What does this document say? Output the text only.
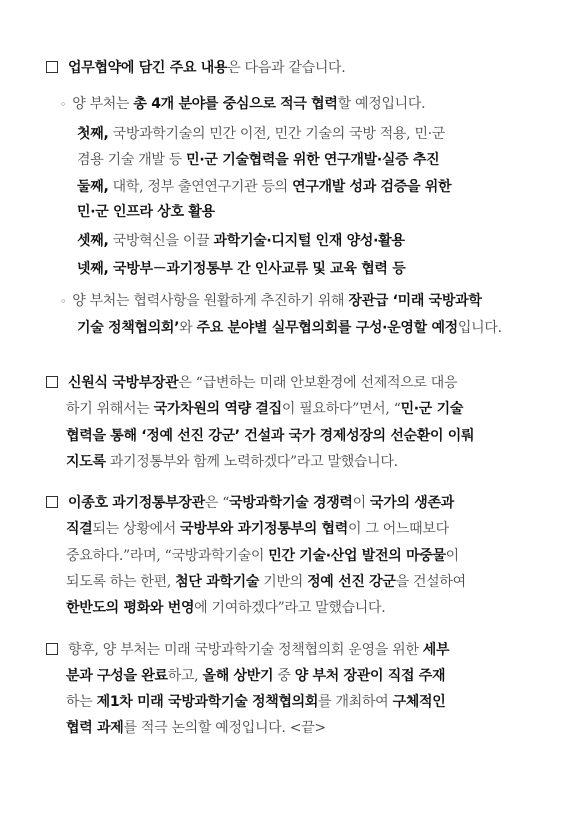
업무협약에 담긴 주요 내용은 다음과 같습니다.
◦ 양 부처는 총 4개 분야를 중심으로 적극 협력할 예정입니다.
첫째, 국방과학기술의 민간 이전, 민간 기술의 국방 적용, 민·군
겸용 기술 개발 등 민·군 기술협력을 위한 연구개발·실증 추진
둘째, 대학, 정부 출연연구기관 등의 연구개발 성과 검증을 위한
민·군 인프라 상호 활용
셋째, 국방혁신을 이끌 과학기술·디지털 인재 양성·활용
넷째, 국방부－과기정통부 간 인사교류 및 교육 협력 등
◦ 양 부처는 협력사항을 원활하게 추진하기 위해 장관급 ‘미래 국방과학
기술 정책협의회’와 주요 분야별 실무협의회를 구성·운영할 예정입니다.
신원식 국방부장관은 “급변하는 미래 안보환경에 선제적으로 대응
하기 위해서는 국가차원의 역량 결집이 필요하다”면서, “민·군 기술
협력을 통해 ‘정예 선진 강군’ 건설과 국가 경제성장의 선순환이 이뤄
지도록 과기정통부와 함께 노력하겠다”라고 말했습니다.
이종호 과기정통부장관은 “국방과학기술 경쟁력이 국가의 생존과
직결되는 상황에서 국방부와 과기정통부의 협력이 그 어느때보다
중요하다.”라며, “국방과학기술이 민간 기술·산업 발전의 마중물이
되도록 하는 한편, 첨단 과학기술 기반의 정예 선진 강군을 건설하여
한반도의 평화와 번영에 기여하겠다”라고 말했습니다.
향후, 양 부처는 미래 국방과학기술 정책협의회 운영을 위한 세부
분과 구성을 완료하고, 올해 상반기 중 양 부처 장관이 직접 주재
하는 제1차 미래 국방과학기술 정책협의회를 개최하여 구체적인
협력 과제를 적극 논의할 예정입니다. <끝>
